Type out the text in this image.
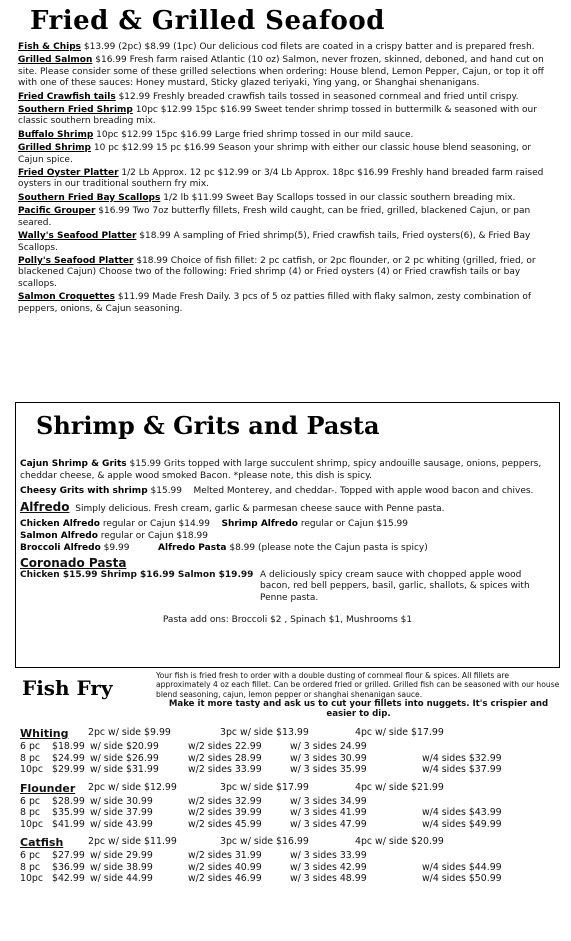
Fried & Grilled Seafood
Fish & Chips $13.99 (2pc) $8.99 (1pc) Our delicious cod filets are coated in a crispy batter and is prepared fresh.
Grilled Salmon $16.99 Fresh farm raised Atlantic (10 oz) Salmon, never frozen, skinned, deboned, and hand cut on site. Please consider some of these grilled selections when ordering: House blend, Lemon Pepper, Cajun, or top it off with one of these sauces: Honey mustard, Sticky glazed teriyaki, Ying yang, or Shanghai shenanigans.
Fried Crawfish tails $12.99 Freshly breaded crawfish tails tossed in seasoned cornmeal and fried until crispy.
Southern Fried Shrimp 10pc $12.99 15pc $16.99 Sweet tender shrimp tossed in buttermilk & seasoned with our classic southern breading mix.
Buffalo Shrimp 10pc $12.99 15pc $16.99 Large fried shrimp tossed in our mild sauce.
Grilled Shrimp 10 pc $12.99 15 pc $16.99 Season your shrimp with either our classic house blend seasoning, or Cajun spice.
Fried Oyster Platter 1/2 Lb Approx. 12 pc $12.99 or 3/4 Lb Approx. 18pc $16.99 Freshly hand breaded farm raised oysters in our traditional southern fry mix.
Southern Fried Bay Scallops 1/2 lb $11.99 Sweet Bay Scallops tossed in our classic southern breading mix.
Pacific Grouper $16.99 Two 7oz butterfly fillets, Fresh wild caught, can be fried, grilled, blackened Cajun, or pan seared.
Wally's Seafood Platter $18.99 A sampling of Fried shrimp(5), Fried crawfish tails, Fried oysters(6), & Fried Bay Scallops.
Polly's Seafood Platter $18.99 Choice of fish fillet: 2 pc catfish, or 2pc flounder, or 2 pc whiting (grilled, fried, or blackened Cajun) Choose two of the following: Fried shrimp (4) or Fried oysters (4) or Fried crawfish tails or bay scallops.
Salmon Croquettes $11.99 Made Fresh Daily. 3 pcs of 5 oz patties filled with flaky salmon, zesty combination of peppers, onions, & Cajun seasoning.
Shrimp & Grits and Pasta
Cajun Shrimp & Grits $15.99 Grits topped with large succulent shrimp, spicy andouille sausage, onions, peppers, cheddar cheese, & apple wood smoked Bacon. *please note, this dish is spicy.
Cheesy Grits with shrimp $15.99 Melted Monterey, and cheddar-. Topped with apple wood bacon and chives.
Alfredo Simply delicious. Fresh cream, garlic & parmesan cheese sauce with Penne pasta.
Chicken Alfredo regular or Cajun $14.99 Shrimp Alfredo regular or Cajun $15.99
Salmon Alfredo regular or Cajun $18.99
Broccoli Alfredo $9.99	Alfredo Pasta $8.99 (please note the Cajun pasta is spicy)
Coronado Pasta
Chicken $15.99 Shrimp $16.99 Salmon $19.99 A deliciously spicy cream sauce with chopped apple wood bacon, red bell peppers, basil, garlic, shallots, & spices with Penne pasta.
Pasta add ons: Broccoli $2 , Spinach $1, Mushrooms $1
Fish Fry
Your fish is fried fresh to order with a double dusting of cornmeal flour & spices. All fillets are approximately 4 oz each fillet. Can be ordered fried or grilled. Grilled fish can be seasoned with our house blend seasoning, cajun, lemon pepper or shanghai shenanigan sauce.
Make it more tasty and ask us to cut your fillets into nuggets. It's crispier and easier to dip.
Whiting 2pc w/ side $9.99	3pc w/ side $13.99	4pc w/ side $17.99
6 pc $18.99 w/ side $20.99	w/2 sides 22.99	w/ 3 sides 24.99
8 pc $24.99 w/ side $26.99	w/2 sides 28.99	w/ 3 sides 30.99	w/4 sides $32.99
10pc $29.99 w/ side $31.99	w/2 sides 33.99	w/ 3 sides 35.99	w/4 sides $37.99
Flounder 2pc w/ side $12.99	3pc w/ side $17.99	4pc w/ side $21.99
6 pc $28.99 w/ side 30.99	w/2 sides 32.99	w/ 3 sides 34.99
8 pc $35.99 w/ side 37.99	w/2 sides 39.99	w/ 3 sides 41.99	w/4 sides $43.99
10pc $41.99 w/ side 43.99	w/2 sides 45.99	w/ 3 sides 47.99	w/4 sides $49.99
Catfish	2pc w/ side $11.99	3pc w/ side $16.99	4pc w/ side $20.99
6 pc $27.99 w/ side 29.99	w/2 sides 31.99	w/ 3 sides 33.99
8 pc $36.99 w/ side 38.99	w/2 sides 40.99	w/ 3 sides 42.99	w/4 sides $44.99
10pc $42.99 w/ side 44.99	w/2 sides 46.99	w/ 3 sides 48.99	w/4 sides $50.99
